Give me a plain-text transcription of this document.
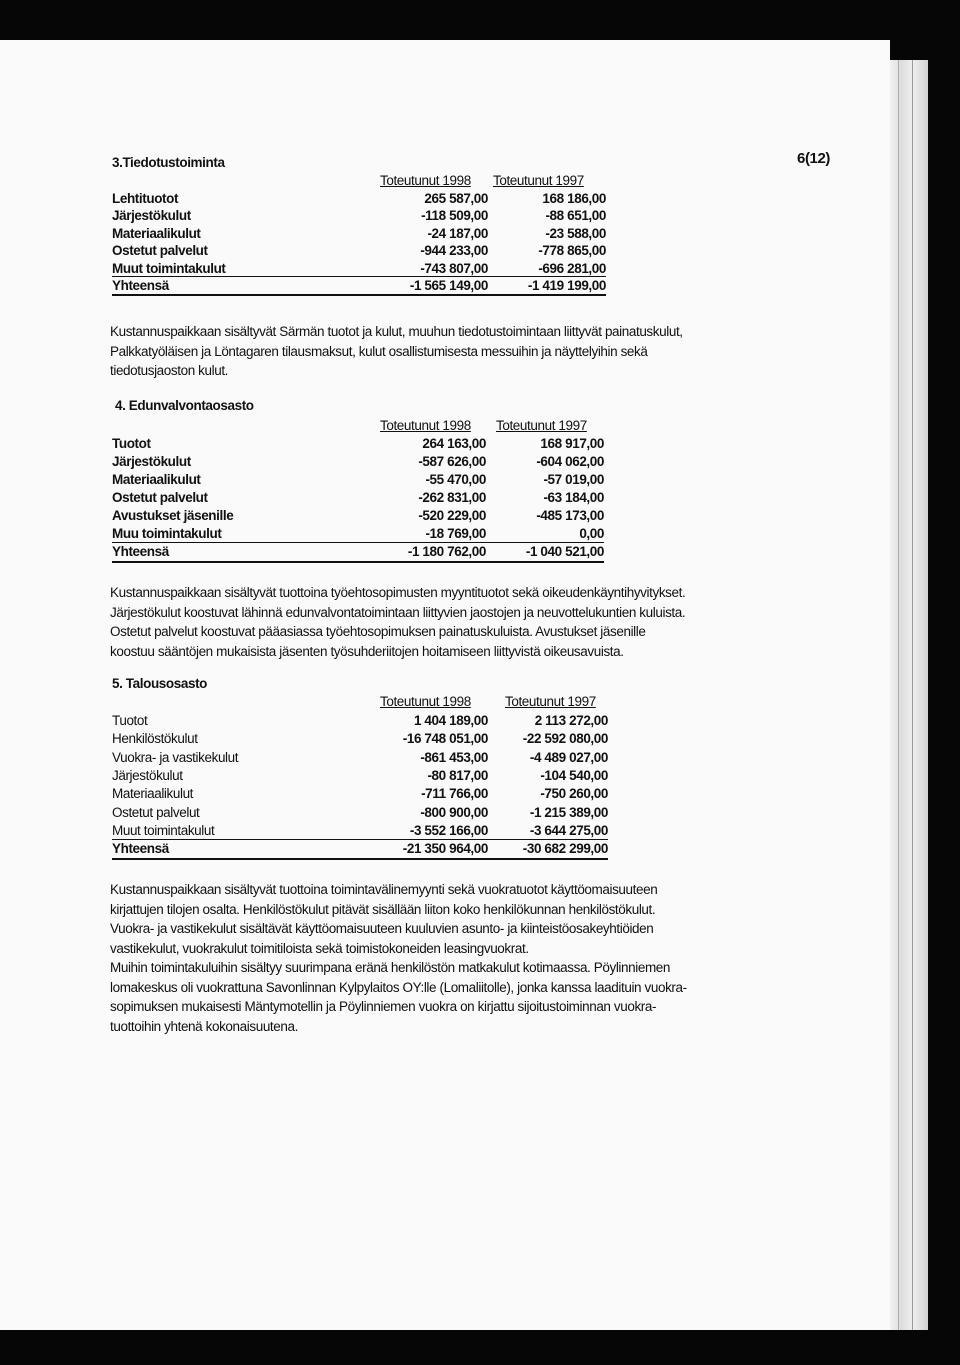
3.Tiedotustoiminta	6(12)
Toteutunut 1998 Toteutunut 1997
Lehtituotot	265 587,00	168 186,00
Järjestökulut	-118 509,00	-88 651,00
Materiaalikulut	-24 187,00	-23 588,00
Ostetut palvelut	-944 233,00	-778 865,00
Muut toimintakulut	-743 807,00	-696 281,00
Yhteensä	-1 565 149,00	-1 419 199,00
Kustannuspaikkaan sisältyvät Särmän tuotot ja kulut, muuhun tiedotustoimintaan liittyvät painatuskulut,
Palkkatyöläisen ja Löntagaren tilausmaksut, kulut osallistumisesta messuihin ja näyttelyihin sekä
tiedotusjaoston kulut.
4. Edunvalvontaosasto
Toteutunut 1998 Toteutunut 1997
Tuotot	264 163,00	168 917,00
Järjestökulut	-587 626,00	-604 062,00
Materiaalikulut	-55 470,00	-57 019,00
Ostetut palvelut	-262 831,00	-63 184,00
Avustukset jäsenille	-520 229,00	-485 173,00
Muu toimintakulut	-18 769,00	0,00
Yhteensä	-1 180 762,00	-1 040 521,00
Kustannuspaikkaan sisältyvät tuottoina työehtosopimusten myyntituotot sekä oikeudenkäyntihyvitykset.
Järjestökulut koostuvat lähinnä edunvalvontatoimintaan liittyvien jaostojen ja neuvottelukuntien kuluista.
Ostetut palvelut koostuvat pääasiassa työehtosopimuksen painatuskuluista. Avustukset jäsenille
koostuu sääntöjen mukaisista jäsenten työsuhderiitojen hoitamiseen liittyvistä oikeusavuista.
5. Talousosasto
Toteutunut 1998	Toteutunut 1997
Tuotot	1 404 189,00	2 113 272,00
Henkilöstökulut	-16 748 051,00	-22 592 080,00
Vuokra- ja vastikekulut	-861 453,00	-4 489 027,00
Järjestökulut	-80 817,00	-104 540,00
Materiaalikulut	-711 766,00	-750 260,00
Ostetut palvelut	-800 900,00	-1 215 389,00
Muut toimintakulut	-3 552 166,00	-3 644 275,00
Yhteensä	-21 350 964,00	-30 682 299,00
Kustannuspaikkaan sisältyvät tuottoina toimintavälinemyynti sekä vuokratuotot käyttöomaisuuteen
kirjattujen tilojen osalta. Henkilöstökulut pitävät sisällään liiton koko henkilökunnan henkilöstökulut.
Vuokra- ja vastikekulut sisältävät käyttöomaisuuteen kuuluvien asunto- ja kiinteistöosakeyhtiöiden
vastikekulut, vuokrakulut toimitiloista sekä toimistokoneiden leasingvuokrat.
Muihin toimintakuluihin sisältyy suurimpana eränä henkilöstön matkakulut kotimaassa. Pöylinniemen
lomakeskus oli vuokrattuna Savonlinnan Kylpylaitos OY:lle (Lomaliitolle), jonka kanssa laadituin vuokra-
sopimuksen mukaisesti Mäntymotellin ja Pöylinniemen vuokra on kirjattu sijoitustoiminnan vuokra-
tuottoihin yhtenä kokonaisuutena.
